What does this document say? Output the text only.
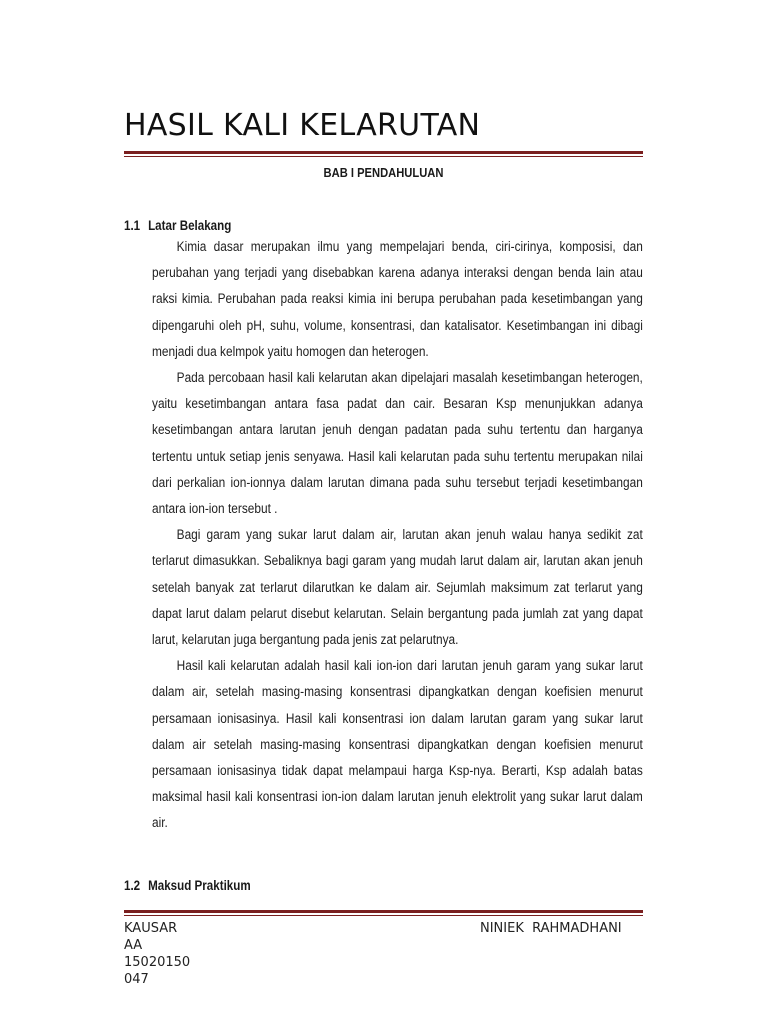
HASIL KALI KELARUTAN
BAB I PENDAHULUAN
1.1 Latar Belakang

Kimia dasar merupakan ilmu yang mempelajari benda, ciri-cirinya, komposisi, dan perubahan yang terjadi yang disebabkan karena adanya interaksi dengan benda lain atau raksi kimia. Perubahan pada reaksi kimia ini berupa perubahan pada kesetimbangan yang dipengaruhi oleh pH, suhu, volume, konsentrasi, dan katalisator. Kesetimbangan ini dibagi menjadi dua kelmpok yaitu homogen dan heterogen.

Pada percobaan hasil kali kelarutan akan dipelajari masalah kesetimbangan heterogen, yaitu kesetimbangan antara fasa padat dan cair. Besaran Ksp menunjukkan adanya kesetimbangan antara larutan jenuh dengan padatan pada suhu tertentu dan harganya tertentu untuk setiap jenis senyawa. Hasil kali kelarutan pada suhu tertentu merupakan nilai dari perkalian ion-ionnya dalam larutan dimana pada suhu tersebut terjadi kesetimbangan antara ion-ion tersebut .

Bagi garam yang sukar larut dalam air, larutan akan jenuh walau hanya sedikit zat terlarut dimasukkan. Sebaliknya bagi garam yang mudah larut dalam air, larutan akan jenuh setelah banyak zat terlarut dilarutkan ke dalam air. Sejumlah maksimum zat terlarut yang dapat larut dalam pelarut disebut kelarutan. Selain bergantung pada jumlah zat yang dapat larut, kelarutan juga bergantung pada jenis zat pelarutnya.

Hasil kali kelarutan adalah hasil kali ion-ion dari larutan jenuh garam yang sukar larut dalam air, setelah masing-masing konsentrasi dipangkatkan dengan koefisien menurut persamaan ionisasinya. Hasil kali konsentrasi ion dalam larutan garam yang sukar larut dalam air setelah masing-masing konsentrasi dipangkatkan dengan koefisien menurut persamaan ionisasinya tidak dapat melampaui harga Ksp-nya. Berarti, Ksp adalah batas maksimal hasil kali konsentrasi ion-ion dalam larutan jenuh elektrolit yang sukar larut dalam air.

1.2 Maksud Praktikum
KAUSAR
AA
15020150047
NINIEK  RAHMADHANI
